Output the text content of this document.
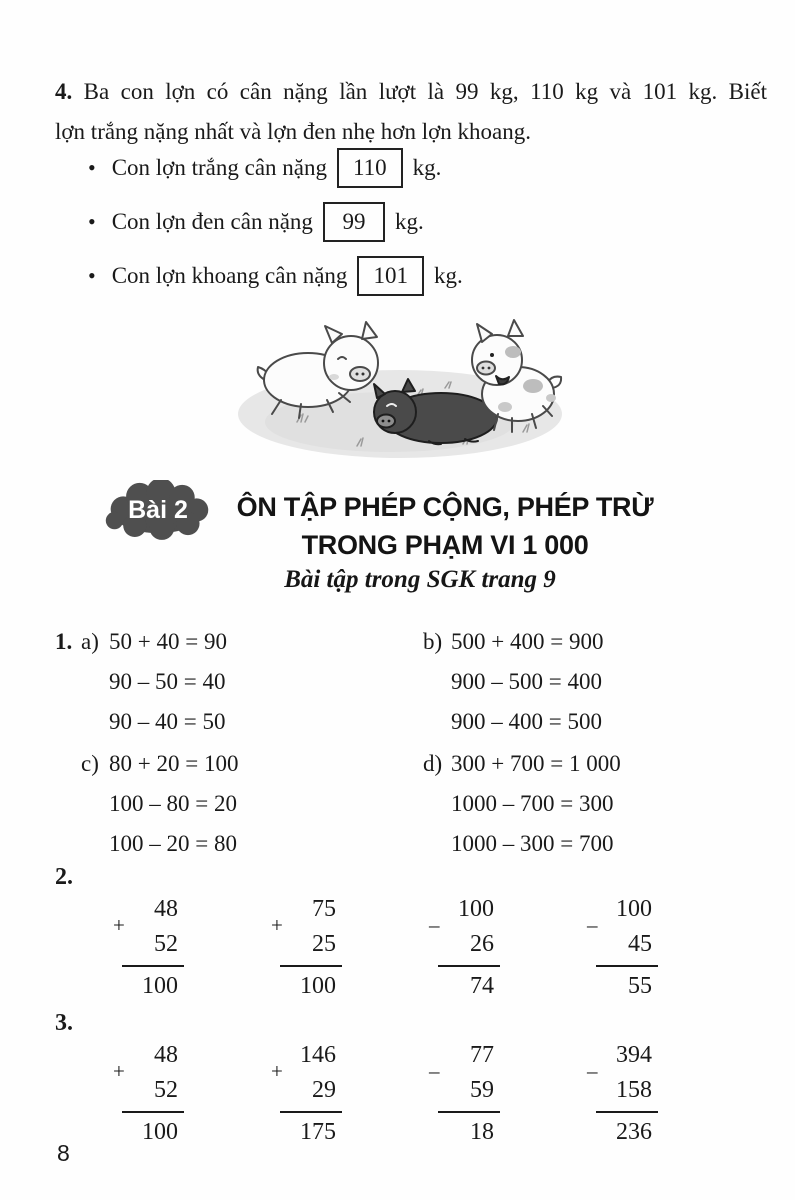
4. Ba con lợn có cân nặng lần lượt là 99 kg, 110 kg và 101 kg. Biết
lợn trắng nặng nhất và lợn đen nhẹ hơn lợn khoang.
• Con lợn trắng cân nặng	110	kg.
• Con lợn đen cân nặng	99	kg.
• Con lợn khoang cân nặng	101	kg.
Bài 2	ÔN TẬP PHÉP CỘNG, PHÉP TRỪ
TRONG PHẠM VI 1 000
Bài tập trong SGK trang 9
1. a) 50 + 40 = 90
90 – 50 = 40
90 – 40 = 50
c) 80 + 20 = 100
100 – 80 = 20
100 – 20 = 80
b) 500 + 400 = 900
900 – 500 = 400
900 – 400 = 500
d) 300 + 700 = 1 000
1000 – 700 = 300
1000 – 300 = 700
2.
+
48
52
100
+
75
25
100
–
100
26
74
–
100
45
55
3.
+
48
52
100
+
146
29
175
–
77
59
18
–
394
158
236
8
